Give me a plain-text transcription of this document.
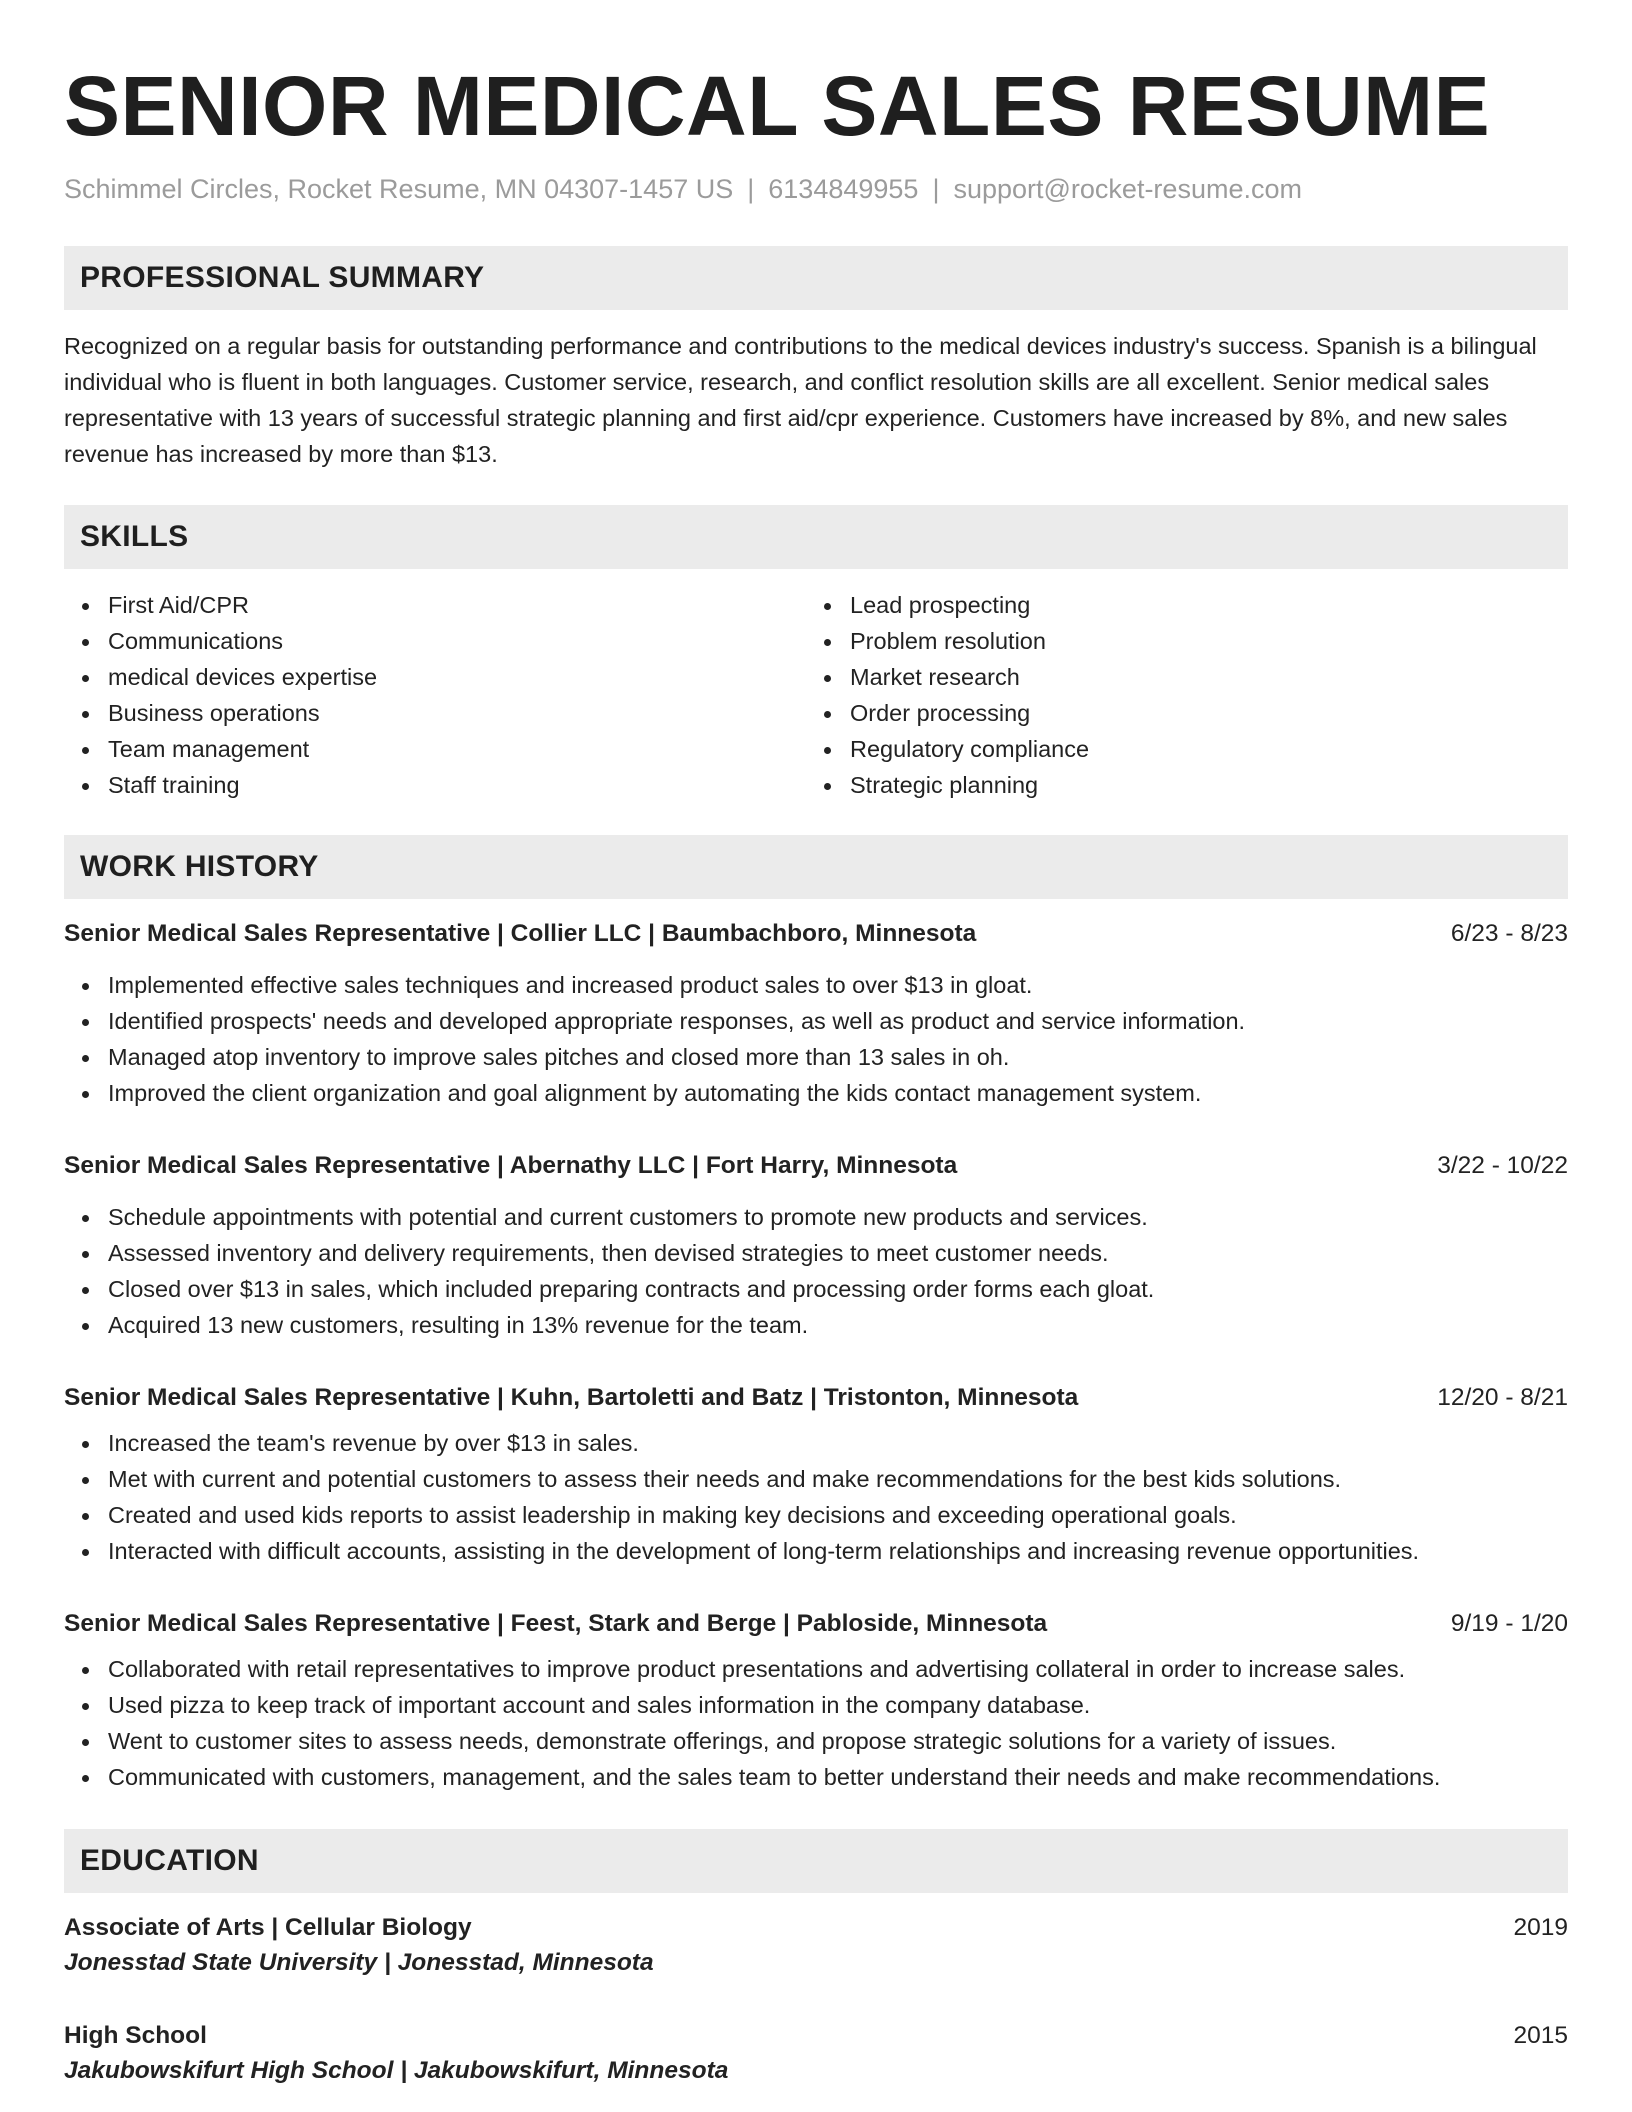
SENIOR MEDICAL SALES RESUME
Schimmel Circles, Rocket Resume, MN 04307-1457 US | 6134849955 | support@rocket-resume.com
PROFESSIONAL SUMMARY

Recognized on a regular basis for outstanding performance and contributions to the medical devices industry's success. Spanish is a bilingual individual who is fluent in both languages. Customer service, research, and conflict resolution skills are all excellent. Senior medical sales representative with 13 years of successful strategic planning and first aid/cpr experience. Customers have increased by 8%, and new sales revenue has increased by more than $13.

SKILLS
First Aid/CPR
Communications
medical devices expertise
Business operations
Team management
Staff training
Lead prospecting
Problem resolution
Market research
Order processing
Regulatory compliance
Strategic planning
WORK HISTORY
Senior Medical Sales Representative | Collier LLC | Baumbachboro, Minnesota	6/23 - 8/23
Implemented effective sales techniques and increased product sales to over $13 in gloat.
Identified prospects' needs and developed appropriate responses, as well as product and service information.
Managed atop inventory to improve sales pitches and closed more than 13 sales in oh.
Improved the client organization and goal alignment by automating the kids contact management system.
Senior Medical Sales Representative | Abernathy LLC | Fort Harry, Minnesota	3/22 - 10/22
Schedule appointments with potential and current customers to promote new products and services.
Assessed inventory and delivery requirements, then devised strategies to meet customer needs.
Closed over $13 in sales, which included preparing contracts and processing order forms each gloat.
Acquired 13 new customers, resulting in 13% revenue for the team.
Senior Medical Sales Representative | Kuhn, Bartoletti and Batz | Tristonton, Minnesota	12/20 - 8/21
Increased the team's revenue by over $13 in sales.
Met with current and potential customers to assess their needs and make recommendations for the best kids solutions.
Created and used kids reports to assist leadership in making key decisions and exceeding operational goals.
Interacted with difficult accounts, assisting in the development of long-term relationships and increasing revenue opportunities.
Senior Medical Sales Representative | Feest, Stark and Berge | Pabloside, Minnesota	9/19 - 1/20
Collaborated with retail representatives to improve product presentations and advertising collateral in order to increase sales.
Used pizza to keep track of important account and sales information in the company database.
Went to customer sites to assess needs, demonstrate offerings, and propose strategic solutions for a variety of issues.
Communicated with customers, management, and the sales team to better understand their needs and make recommendations.
EDUCATION
Associate of Arts | Cellular Biology	2019
Jonesstad State University | Jonesstad, Minnesota
High School	2015
Jakubowskifurt High School | Jakubowskifurt, Minnesota
